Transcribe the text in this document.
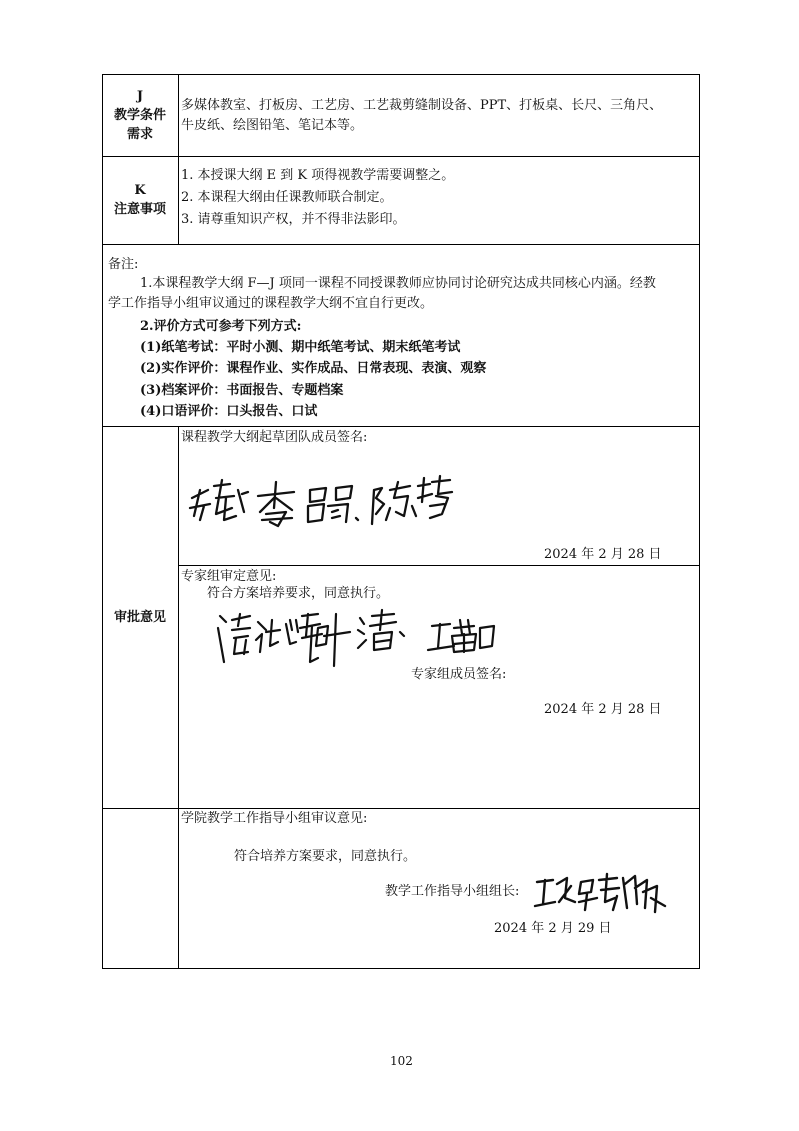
J
教学条件
需求
多媒体教室、打板房、工艺房、工艺裁剪缝制设备、PPT、打板桌、长尺、三角尺、
牛皮纸、绘图铅笔、笔记本等。
K
注意事项
1. 本授课大纲 E 到 K 项得视教学需要调整之。
2. 本课程大纲由任课教师联合制定。
3. 请尊重知识产权，并不得非法影印。
备注:
1.本课程教学大纲 F—J 项同一课程不同授课教师应协同讨论研究达成共同核心内涵。经教
学工作指导小组审议通过的课程教学大纲不宜自行更改。
2.评价方式可参考下列方式:
(1)纸笔考试：平时小测、期中纸笔考试、期末纸笔考试
(2)实作评价：课程作业、实作成品、日常表现、表演、观察
(3)档案评价：书面报告、专题档案
(4)口语评价：口头报告、口试
审批意见
课程教学大纲起草团队成员签名:
2024 年 2 月 28 日
专家组审定意见:
符合方案培养要求，同意执行。
专家组成员签名:
2024 年 2 月 28 日
学院教学工作指导小组审议意见:
符合培养方案要求，同意执行。
教学工作指导小组组长:
2024 年 2 月 29 日
102
